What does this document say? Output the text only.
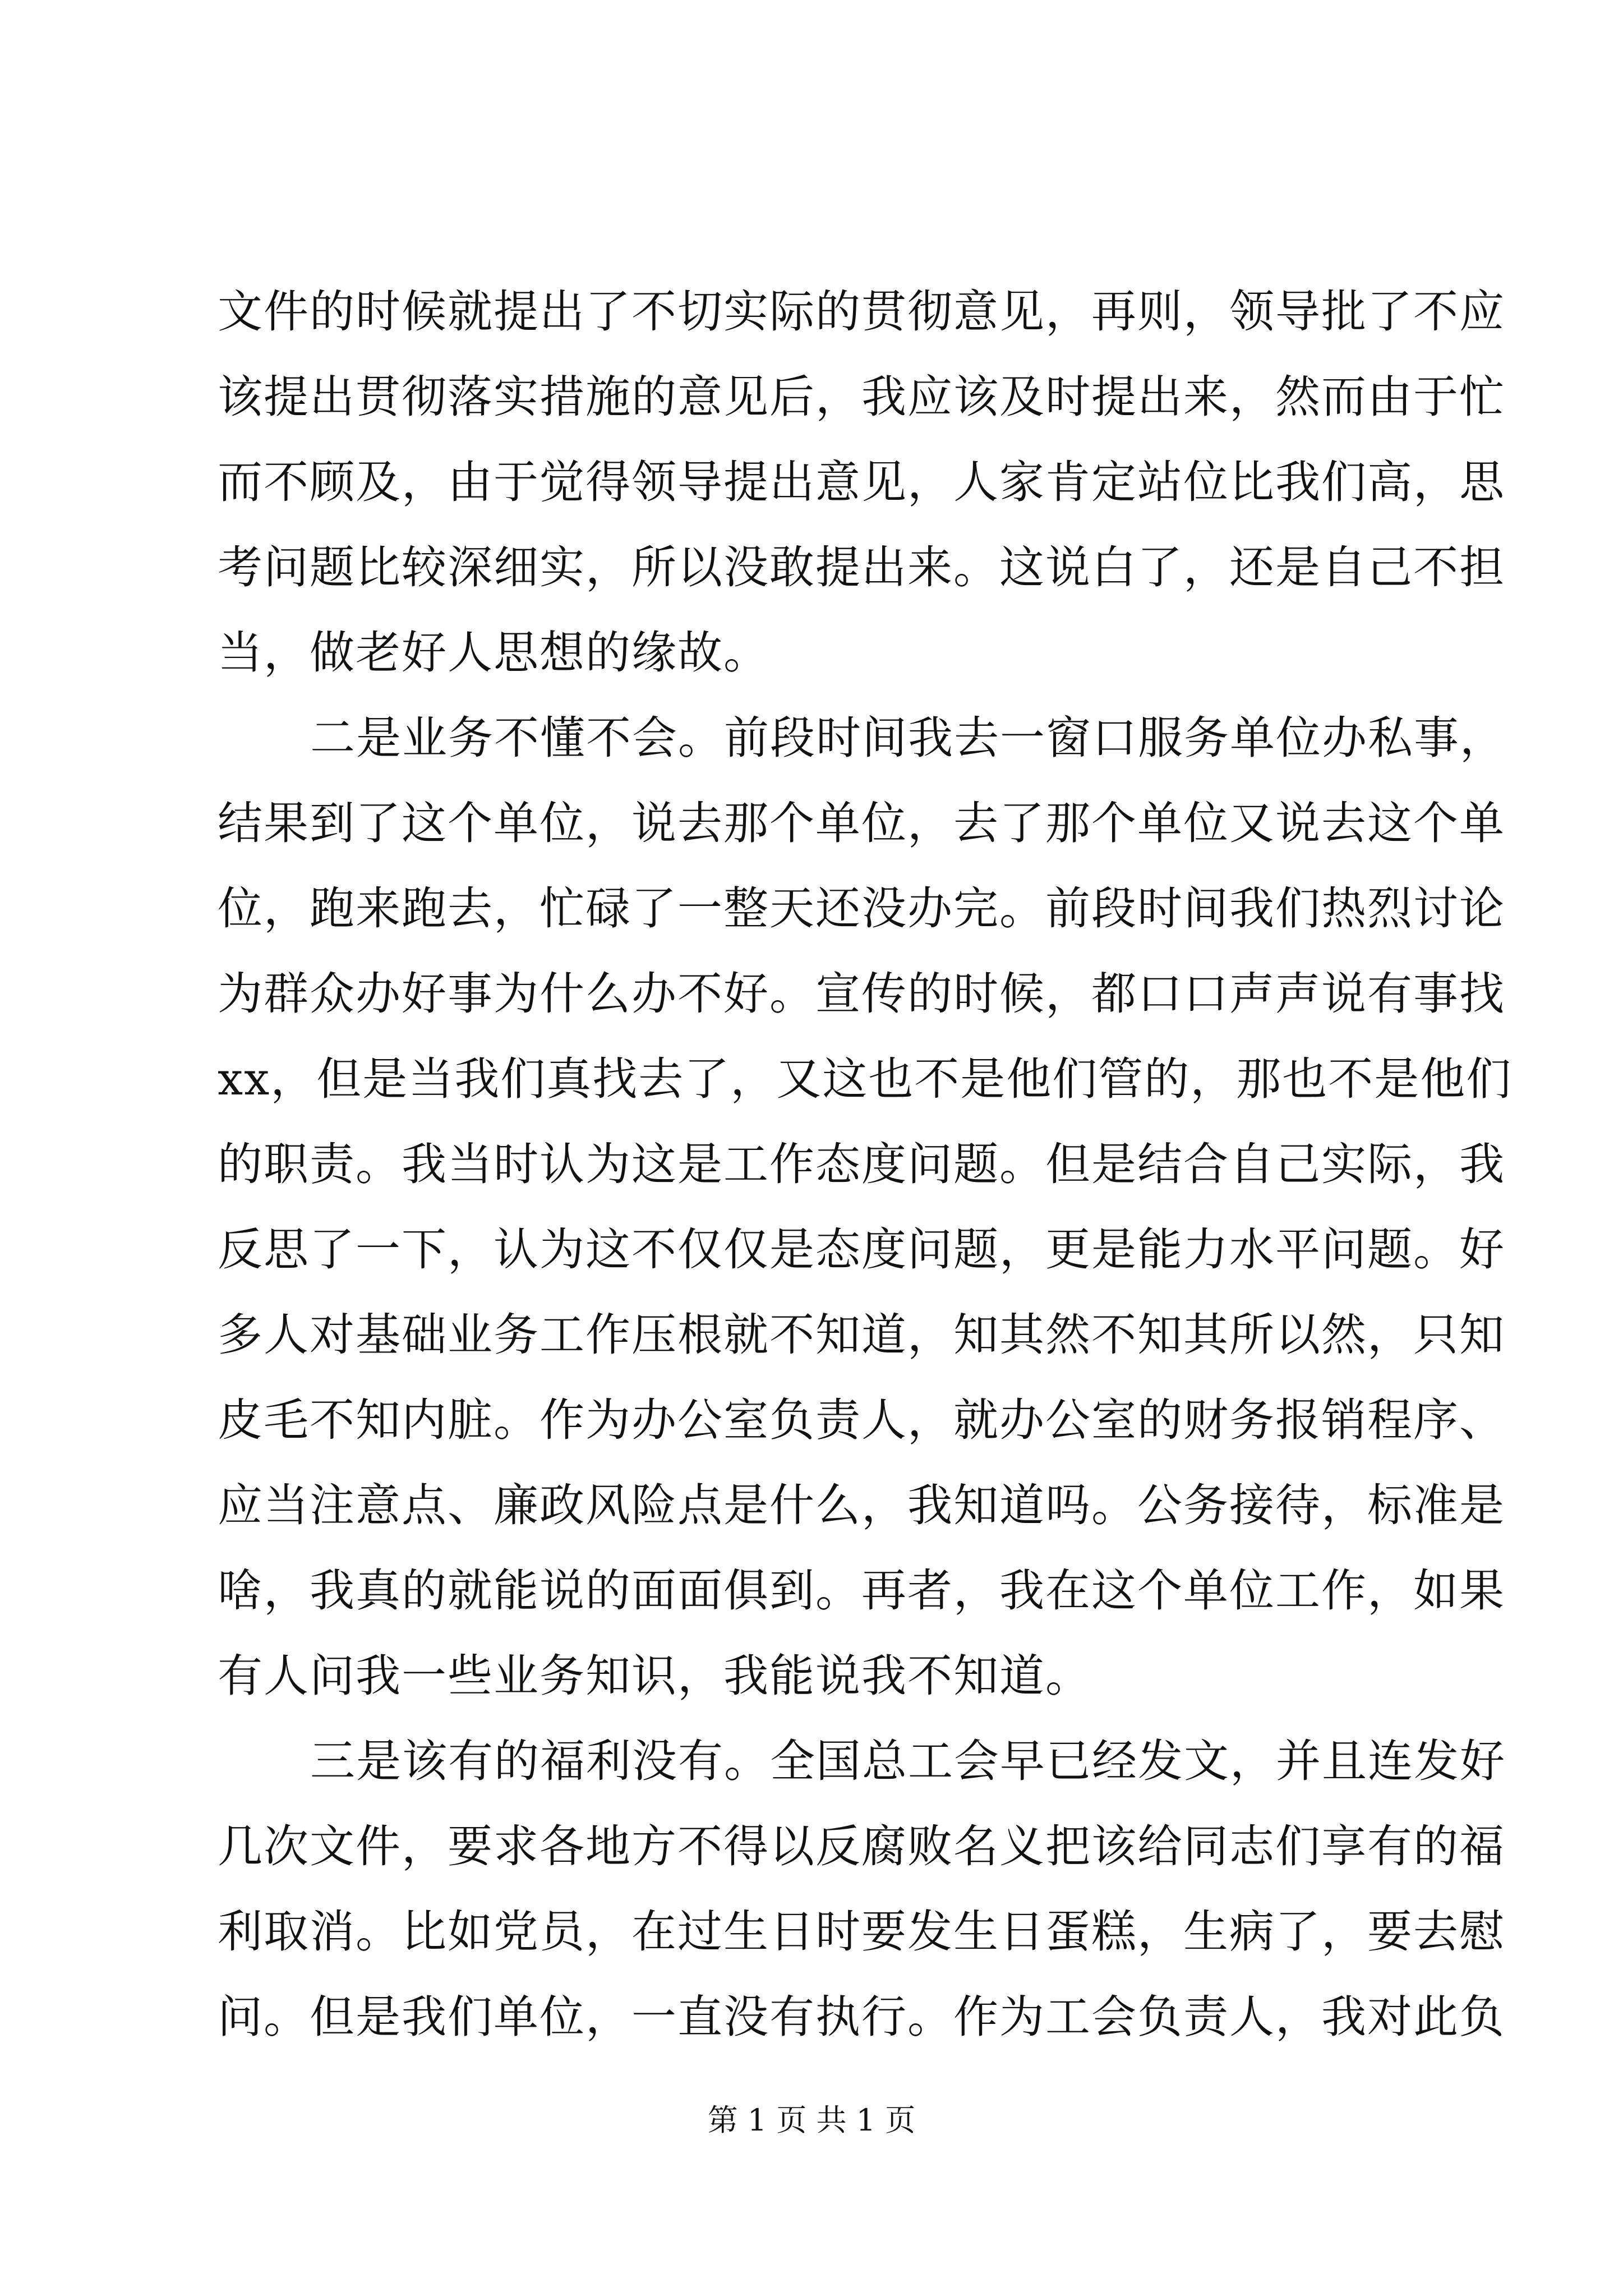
文件的时候就提出了不切实际的贯彻意见，再则，领导批了不应
该提出贯彻落实措施的意见后，我应该及时提出来，然而由于忙
而不顾及，由于觉得领导提出意见，人家肯定站位比我们高，思
考问题比较深细实，所以没敢提出来。这说白了，还是自己不担
当，做老好人思想的缘故。
二是业务不懂不会。前段时间我去一窗口服务单位办私事，
结果到了这个单位，说去那个单位，去了那个单位又说去这个单
位，跑来跑去，忙碌了一整天还没办完。前段时间我们热烈讨论
为群众办好事为什么办不好。宣传的时候，都口口声声说有事找
xx，但是当我们真找去了，又这也不是他们管的，那也不是他们
的职责。我当时认为这是工作态度问题。但是结合自己实际，我
反思了一下，认为这不仅仅是态度问题，更是能力水平问题。好
多人对基础业务工作压根就不知道，知其然不知其所以然，只知
皮毛不知内脏。作为办公室负责人，就办公室的财务报销程序、
应当注意点、廉政风险点是什么，我知道吗。公务接待，标准是
啥，我真的就能说的面面俱到。再者，我在这个单位工作，如果
有人问我一些业务知识，我能说我不知道。
三是该有的福利没有。全国总工会早已经发文，并且连发好
几次文件，要求各地方不得以反腐败名义把该给同志们享有的福
利取消。比如党员，在过生日时要发生日蛋糕，生病了，要去慰
问。但是我们单位，一直没有执行。作为工会负责人，我对此负
第 1 页 共 1 页
